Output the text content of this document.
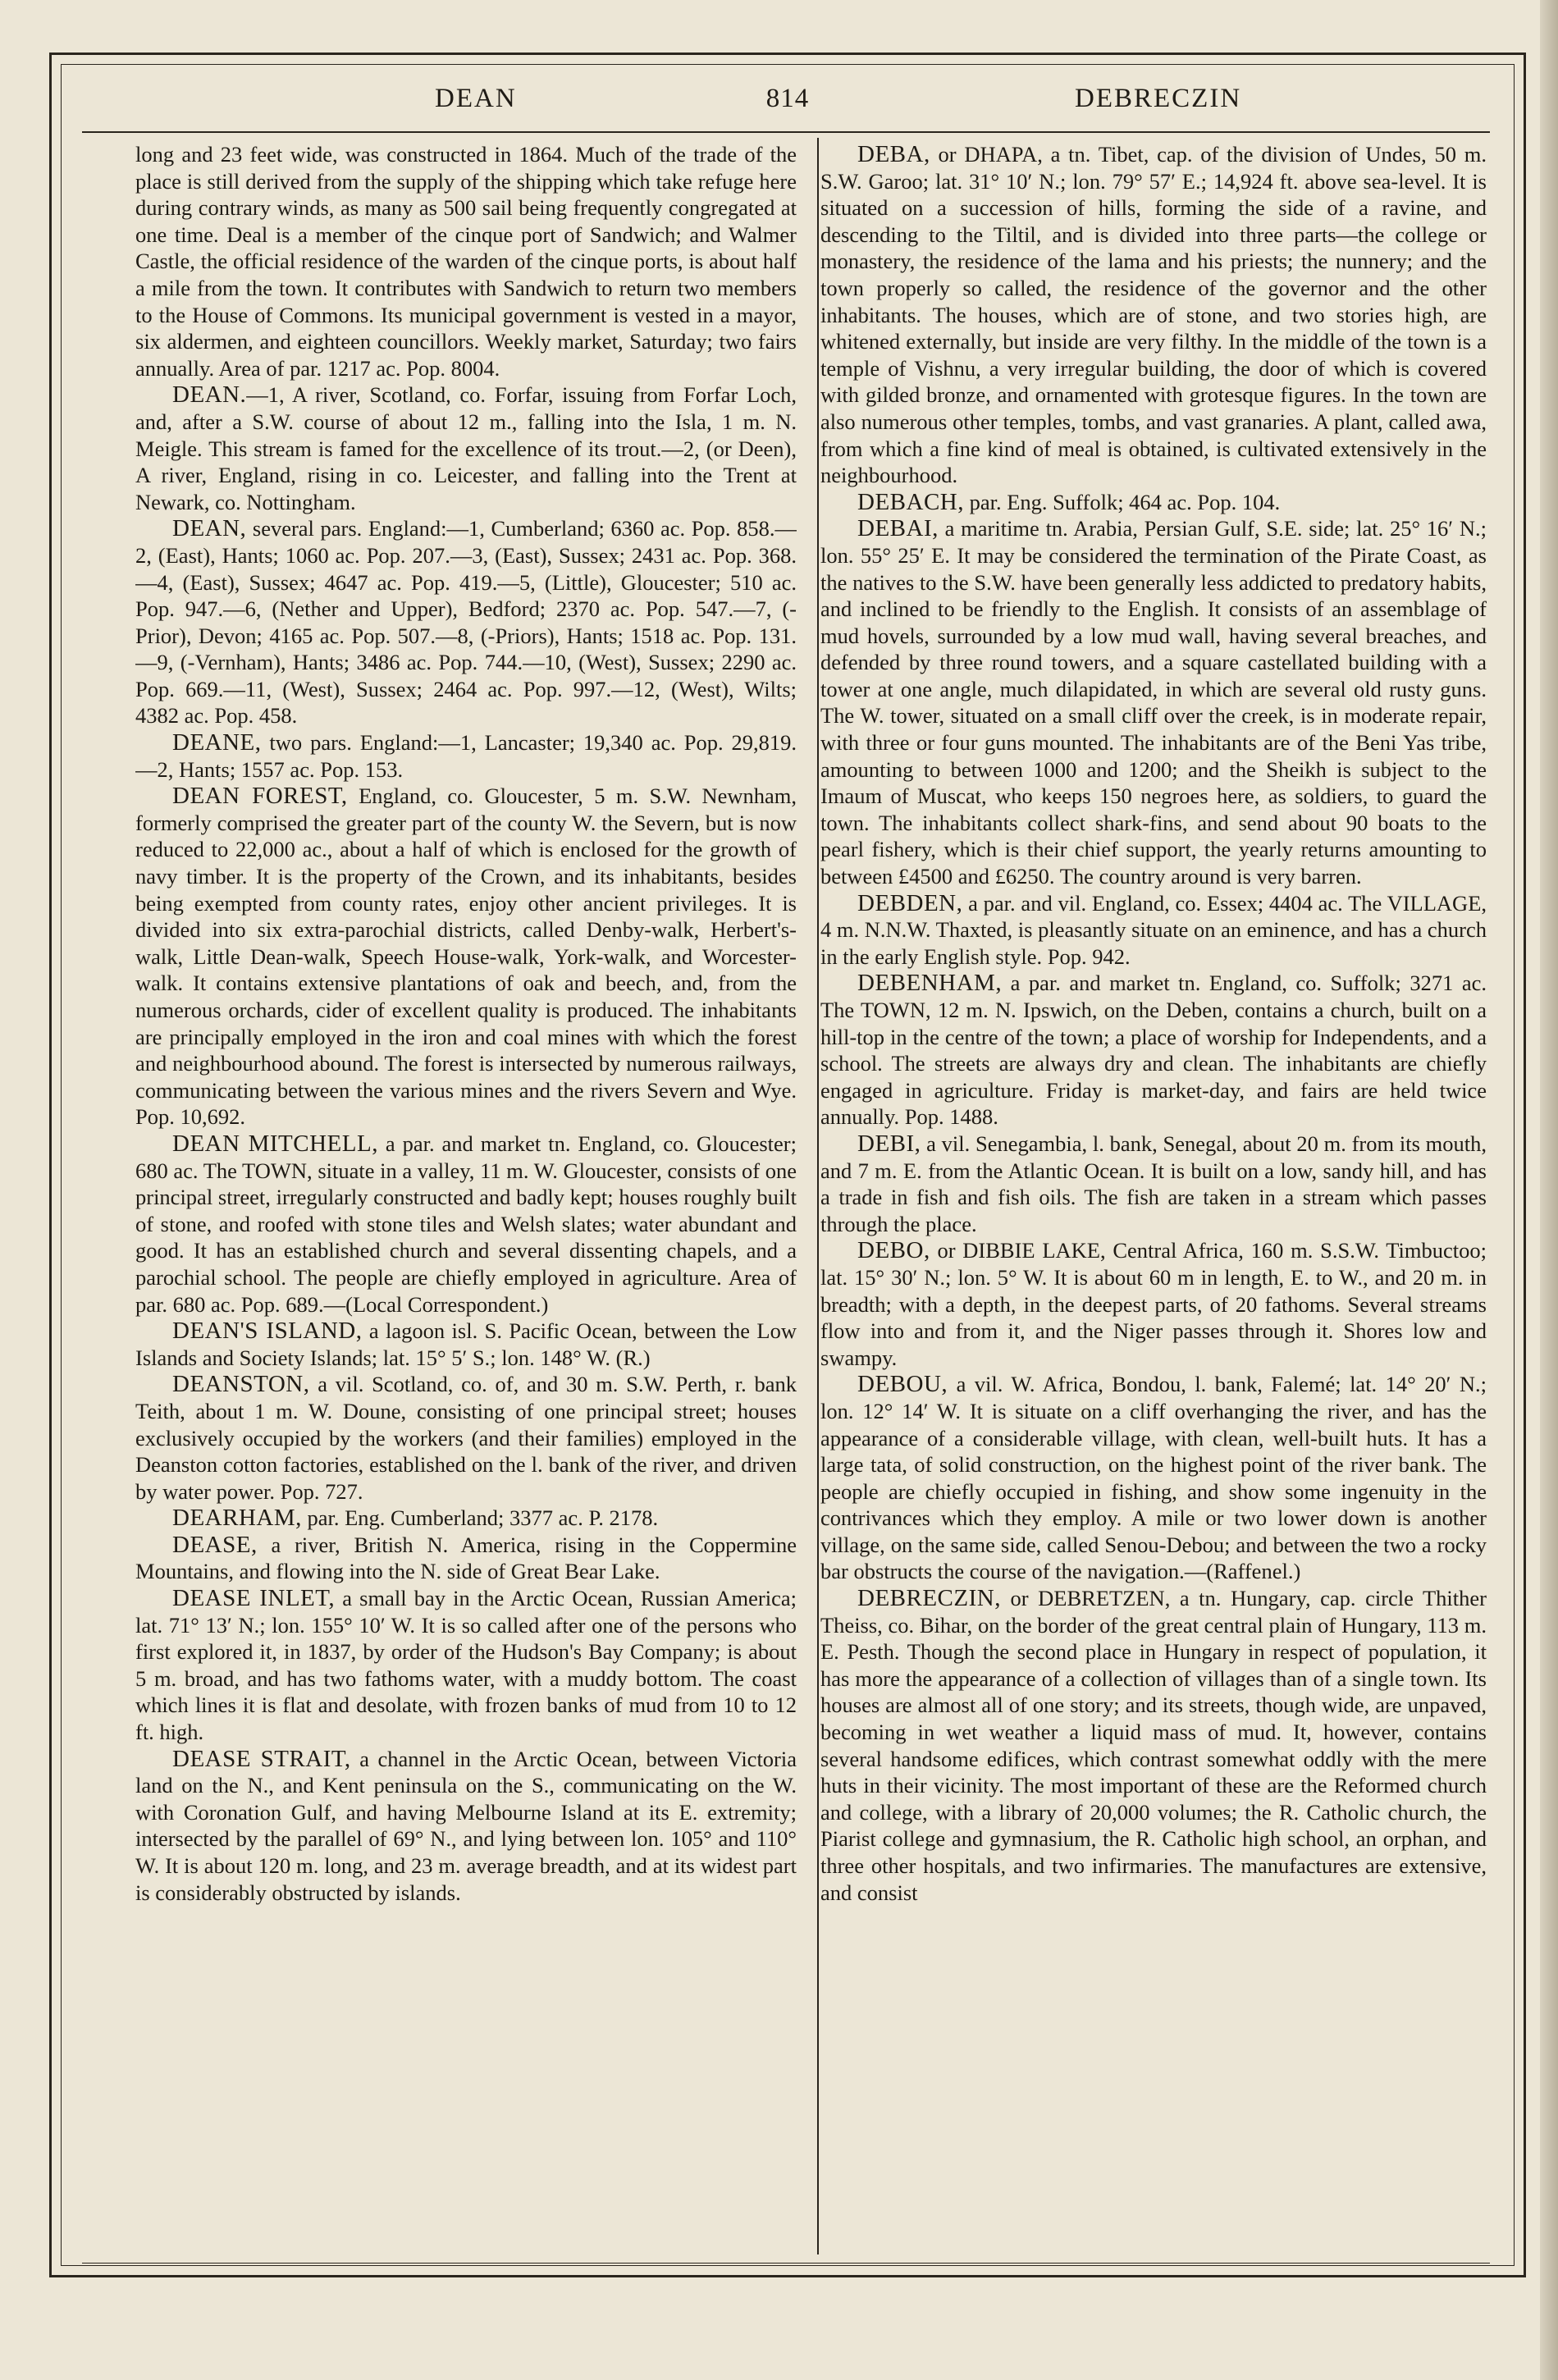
DEAN	814	DEBRECZIN

long and 23 feet wide, was constructed in 1864. Much of the trade of the place is still derived from the supply of the shipping which take refuge here during contrary winds, as many as 500 sail being frequently congregated at one time. Deal is a member of the cinque port of Sandwich; and Walmer Castle, the official residence of the warden of the cinque ports, is about half a mile from the town. It contributes with Sandwich to return two members to the House of Commons. Its municipal government is vested in a mayor, six aldermen, and eighteen councillors. Weekly market, Saturday; two fairs annually. Area of par. 1217 ac. Pop. 8004.

DEAN.—1, A river, Scotland, co. Forfar, issuing from Forfar Loch, and, after a S.W. course of about 12 m., falling into the Isla, 1 m. N. Meigle. This stream is famed for the excellence of its trout.—2, (or Deen), A river, England, rising in co. Leicester, and falling into the Trent at Newark, co. Nottingham.

DEAN, several pars. England:—1, Cumberland; 6360 ac. Pop. 858.—2, (East), Hants; 1060 ac. Pop. 207.—3, (East), Sussex; 2431 ac. Pop. 368.—4, (East), Sussex; 4647 ac. Pop. 419.—5, (Little), Gloucester; 510 ac. Pop. 947.—6, (Nether and Upper), Bedford; 2370 ac. Pop. 547.—7, (-Prior), Devon; 4165 ac. Pop. 507.—8, (-Priors), Hants; 1518 ac. Pop. 131.—9, (-Vernham), Hants; 3486 ac. Pop. 744.—10, (West), Sussex; 2290 ac. Pop. 669.—11, (West), Sussex; 2464 ac. Pop. 997.—12, (West), Wilts; 4382 ac. Pop. 458.

DEANE, two pars. England:—1, Lancaster; 19,340 ac. Pop. 29,819.—2, Hants; 1557 ac. Pop. 153.

DEAN FOREST, England, co. Gloucester, 5 m. S.W. Newnham, formerly comprised the greater part of the county W. the Severn, but is now reduced to 22,000 ac., about a half of which is enclosed for the growth of navy timber. It is the property of the Crown, and its inhabitants, besides being exempted from county rates, enjoy other ancient privileges. It is divided into six extra-parochial districts, called Denby-walk, Herbert's-walk, Little Dean-walk, Speech House-walk, York-walk, and Worcester-walk. It contains extensive plantations of oak and beech, and, from the numerous orchards, cider of excellent quality is produced. The inhabitants are principally employed in the iron and coal mines with which the forest and neighbourhood abound. The forest is intersected by numerous railways, communicating between the various mines and the rivers Severn and Wye. Pop. 10,692.

DEAN MITCHELL, a par. and market tn. England, co. Gloucester; 680 ac. The TOWN, situate in a valley, 11 m. W. Gloucester, consists of one principal street, irregularly constructed and badly kept; houses roughly built of stone, and roofed with stone tiles and Welsh slates; water abundant and good. It has an established church and several dissenting chapels, and a parochial school. The people are chiefly employed in agriculture. Area of par. 680 ac. Pop. 689.—(Local Correspondent.)

DEAN'S ISLAND, a lagoon isl. S. Pacific Ocean, between the Low Islands and Society Islands; lat. 15° 5′ S.; lon. 148° W. (R.)

DEANSTON, a vil. Scotland, co. of, and 30 m. S.W. Perth, r. bank Teith, about 1 m. W. Doune, consisting of one principal street; houses exclusively occupied by the workers (and their families) employed in the Deanston cotton factories, established on the l. bank of the river, and driven by water power. Pop. 727.

DEARHAM, par. Eng. Cumberland; 3377 ac. P. 2178.

DEASE, a river, British N. America, rising in the Coppermine Mountains, and flowing into the N. side of Great Bear Lake.

DEASE INLET, a small bay in the Arctic Ocean, Russian America; lat. 71° 13′ N.; lon. 155° 10′ W. It is so called after one of the persons who first explored it, in 1837, by order of the Hudson's Bay Company; is about 5 m. broad, and has two fathoms water, with a muddy bottom. The coast which lines it is flat and desolate, with frozen banks of mud from 10 to 12 ft. high.

DEASE STRAIT, a channel in the Arctic Ocean, between Victoria land on the N., and Kent peninsula on the S., communicating on the W. with Coronation Gulf, and having Melbourne Island at its E. extremity; intersected by the parallel of 69° N., and lying between lon. 105° and 110° W. It is about 120 m. long, and 23 m. average breadth, and at its widest part is considerably obstructed by islands.

DEBA, or DHAPA, a tn. Tibet, cap. of the division of Undes, 50 m. S.W. Garoo; lat. 31° 10′ N.; lon. 79° 57′ E.; 14,924 ft. above sea-level. It is situated on a succession of hills, forming the side of a ravine, and descending to the Tiltil, and is divided into three parts—the college or monastery, the residence of the lama and his priests; the nunnery; and the town properly so called, the residence of the governor and the other inhabitants. The houses, which are of stone, and two stories high, are whitened externally, but inside are very filthy. In the middle of the town is a temple of Vishnu, a very irregular building, the door of which is covered with gilded bronze, and ornamented with grotesque figures. In the town are also numerous other temples, tombs, and vast granaries. A plant, called awa, from which a fine kind of meal is obtained, is cultivated extensively in the neighbourhood.

DEBACH, par. Eng. Suffolk; 464 ac. Pop. 104.

DEBAI, a maritime tn. Arabia, Persian Gulf, S.E. side; lat. 25° 16′ N.; lon. 55° 25′ E. It may be considered the termination of the Pirate Coast, as the natives to the S.W. have been generally less addicted to predatory habits, and inclined to be friendly to the English. It consists of an assemblage of mud hovels, surrounded by a low mud wall, having several breaches, and defended by three round towers, and a square castellated building with a tower at one angle, much dilapidated, in which are several old rusty guns. The W. tower, situated on a small cliff over the creek, is in moderate repair, with three or four guns mounted. The inhabitants are of the Beni Yas tribe, amounting to between 1000 and 1200; and the Sheikh is subject to the Imaum of Muscat, who keeps 150 negroes here, as soldiers, to guard the town. The inhabitants collect shark-fins, and send about 90 boats to the pearl fishery, which is their chief support, the yearly returns amounting to between £4500 and £6250. The country around is very barren.

DEBDEN, a par. and vil. England, co. Essex; 4404 ac. The VILLAGE, 4 m. N.N.W. Thaxted, is pleasantly situate on an eminence, and has a church in the early English style. Pop. 942.

DEBENHAM, a par. and market tn. England, co. Suffolk; 3271 ac. The TOWN, 12 m. N. Ipswich, on the Deben, contains a church, built on a hill-top in the centre of the town; a place of worship for Independents, and a school. The streets are always dry and clean. The inhabitants are chiefly engaged in agriculture. Friday is market-day, and fairs are held twice annually. Pop. 1488.

DEBI, a vil. Senegambia, l. bank, Senegal, about 20 m. from its mouth, and 7 m. E. from the Atlantic Ocean. It is built on a low, sandy hill, and has a trade in fish and fish oils. The fish are taken in a stream which passes through the place.

DEBO, or DIBBIE LAKE, Central Africa, 160 m. S.S.W. Timbuctoo; lat. 15° 30′ N.; lon. 5° W. It is about 60 m in length, E. to W., and 20 m. in breadth; with a depth, in the deepest parts, of 20 fathoms. Several streams flow into and from it, and the Niger passes through it. Shores low and swampy.

DEBOU, a vil. W. Africa, Bondou, l. bank, Falemé; lat. 14° 20′ N.; lon. 12° 14′ W. It is situate on a cliff overhanging the river, and has the appearance of a considerable village, with clean, well-built huts. It has a large tata, of solid construction, on the highest point of the river bank. The people are chiefly occupied in fishing, and show some ingenuity in the contrivances which they employ. A mile or two lower down is another village, on the same side, called Senou-Debou; and between the two a rocky bar obstructs the course of the navigation.—(Raffenel.)

DEBRECZIN, or DEBRETZEN, a tn. Hungary, cap. circle Thither Theiss, co. Bihar, on the border of the great central plain of Hungary, 113 m. E. Pesth. Though the second place in Hungary in respect of population, it has more the appearance of a collection of villages than of a single town. Its houses are almost all of one story; and its streets, though wide, are unpaved, becoming in wet weather a liquid mass of mud. It, however, contains several handsome edifices, which contrast somewhat oddly with the mere huts in their vicinity. The most important of these are the Reformed church and college, with a library of 20,000 volumes; the R. Catholic church, the Piarist college and gymnasium, the R. Catholic high school, an orphan, and three other hospitals, and two infirmaries. The manufactures are extensive, and consist
